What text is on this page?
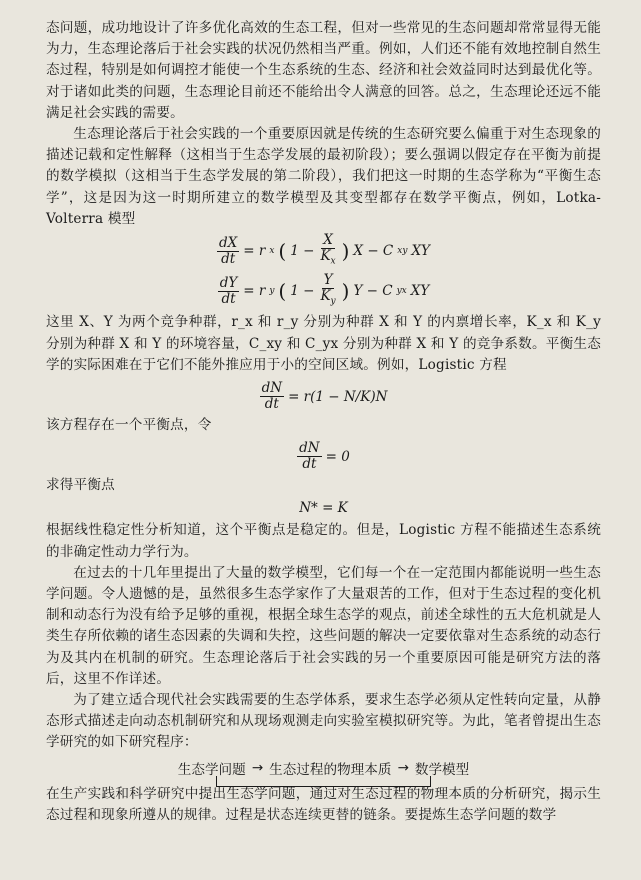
态问题，成功地设计了许多优化高效的生态工程，但对一些常见的生态问题却常常显得无能为力，生态理论落后于社会实践的状况仍然相当严重。例如，人们还不能有效地控制自然生态过程，特别是如何调控才能使一个生态系统的生态、经济和社会效益同时达到最优化等。对于诸如此类的问题，生态理论目前还不能给出令人满意的回答。总之，生态理论还远不能满足社会实践的需要。

生态理论落后于社会实践的一个重要原因就是传统的生态研究要么偏重于对生态现象的描述记载和定性解释（这相当于生态学发展的最初阶段）；要么强调以假定存在平衡为前提的数学模拟（这相当于生态学发展的第二阶段），我们把这一时期的生态学称为“平衡生态学”，这是因为这一时期所建立的数学模型及其变型都存在数学平衡点，例如，Lotka-Volterra 模型

$\frac{dX}{dt} = r$ x ( $1 - \frac{X}{K_x}$ ) X − C xy XY
$\frac{dY}{dt} = r$ y ( $1 - \frac{Y}{K_y}$ ) Y − C yx XY

这里 X、Y 为两个竞争种群，r_x 和 r_y 分别为种群 X 和 Y 的内禀增长率，K_x 和 K_y 分别为种群 X 和 Y 的环境容量，C_xy 和 C_yx 分别为种群 X 和 Y 的竞争系数。平衡生态学的实际困难在于它们不能外推应用于小的空间区域。例如，Logistic 方程

$\frac{dN}{dt} = r(1 - N/K)N$

该方程存在一个平衡点，令

$\frac{dN}{dt} = 0$

求得平衡点

N* = K

根据线性稳定性分析知道，这个平衡点是稳定的。但是，Logistic 方程不能描述生态系统的非确定性动力学行为。

在过去的十几年里提出了大量的数学模型，它们每一个在一定范围内都能说明一些生态学问题。令人遗憾的是，虽然很多生态学家作了大量艰苦的工作，但对于生态过程的变化机制和动态行为没有给予足够的重视，根据全球生态学的观点，前述全球性的五大危机就是人类生存所依赖的诸生态因素的失调和失控，这些问题的解决一定要依靠对生态系统的动态行为及其内在机制的研究。生态理论落后于社会实践的另一个重要原因可能是研究方法的落后，这里不作详述。

为了建立适合现代社会实践需要的生态学体系，要求生态学必须从定性转向定量，从静态形式描述走向动态机制研究和从现场观测走向实验室模拟研究等。为此，笔者曾提出生态学研究的如下研究程序：

生态学问题 → 生态过程的物理本质 → 数学模型

在生产实践和科学研究中提出生态学问题，通过对生态过程的物理本质的分析研究，揭示生态过程和现象所遵从的规律。过程是状态连续更替的链条。要提炼生态学问题的数学
